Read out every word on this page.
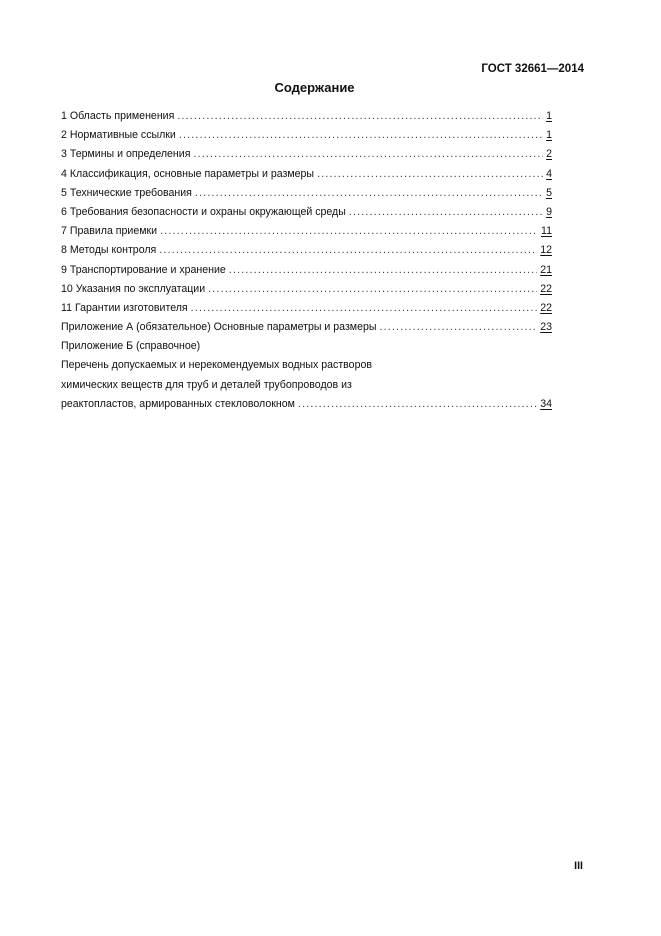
ГОСТ 32661—2014
Содержание
1 Область применения .....	1
2 Нормативные ссылки .....	1
3 Термины и определения .....	2
4 Классификация, основные параметры и размеры .....	4
5 Технические требования .....	5
6 Требования безопасности и охраны окружающей среды .....	9
7 Правила приемки .....	11
8 Методы контроля .....	12
9 Транспортирование и хранение .....	21
10 Указания по эксплуатации .....	22
11 Гарантии изготовителя .....	22
Приложение А (обязательное) Основные параметры и размеры .....	23
Приложение Б (справочное)
Перечень допускаемых и нерекомендуемых водных растворов
химических веществ для труб и деталей трубопроводов из
реактопластов, армированных стекловолокном .....	34
III
